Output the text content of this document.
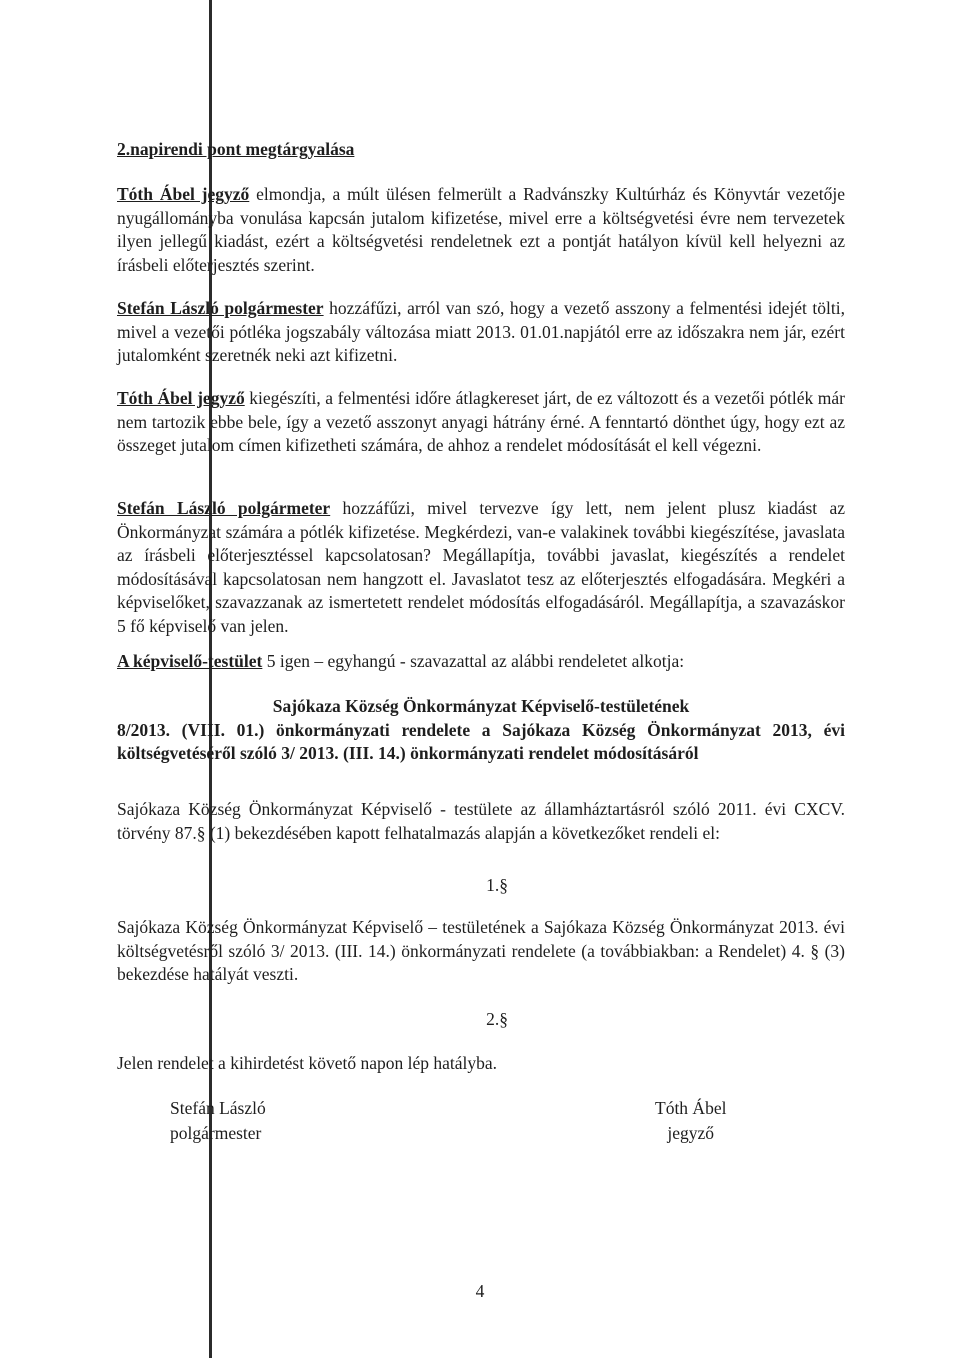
2.napirendi pont megtárgyalása

Tóth Ábel jegyző elmondja, a múlt ülésen felmerült a Radvánszky Kultúrház és Könyvtár vezetője nyugállományba vonulása kapcsán jutalom kifizetése, mivel erre a költségvetési évre nem tervezetek ilyen jellegű kiadást, ezért a költségvetési rendeletnek ezt a pontját hatályon kívül kell helyezni az írásbeli előterjesztés szerint.

Stefán László polgármester hozzáfűzi, arról van szó, hogy a vezető asszony a felmentési idejét tölti, mivel a vezetői pótléka jogszabály változása miatt 2013. 01.01.napjától erre az időszakra nem jár, ezért jutalomként szeretnék neki azt kifizetni.

Tóth Ábel jegyző kiegészíti, a felmentési időre átlagkereset járt, de ez változott és a vezetői pótlék már nem tartozik ebbe bele, így a vezető asszonyt anyagi hátrány érné. A fenntartó dönthet úgy, hogy ezt az összeget jutalom címen kifizetheti számára, de ahhoz a rendelet módosítását el kell végezni.

Stefán László polgármeter hozzáfűzi, mivel tervezve így lett, nem jelent plusz kiadást az Önkormányzat számára a pótlék kifizetése. Megkérdezi, van-e valakinek további kiegészítése, javaslata az írásbeli előterjesztéssel kapcsolatosan? Megállapítja, további javaslat, kiegészítés a rendelet módosításával kapcsolatosan nem hangzott el. Javaslatot tesz az előterjesztés elfogadására. Megkéri a képviselőket, szavazzanak az ismertetett rendelet módosítás elfogadásáról. Megállapítja, a szavazáskor 5 fő képviselő van jelen.

A képviselő-testület 5 igen – egyhangú - szavazattal az alábbi rendeletet alkotja:

Sajókaza Község Önkormányzat Képviselő-testületének
8/2013. (VIII. 01.) önkormányzati rendelete a Sajókaza Község Önkormányzat 2013, évi költségvetéséről szóló 3/ 2013. (III. 14.) önkormányzati rendelet módosításáról

Sajókaza Község Önkormányzat Képviselő - testülete az államháztartásról szóló 2011. évi CXCV. törvény 87.§ (1) bekezdésében kapott felhatalmazás alapján a következőket rendeli el:

1.§

Sajókaza Község Önkormányzat Képviselő – testületének a Sajókaza Község Önkormányzat 2013. évi költségvetésről szóló 3/ 2013. (III. 14.) önkormányzati rendelete (a továbbiakban: a Rendelet) 4. § (3) bekezdése hatályát veszti.

2.§

Jelen rendelet a kihirdetést követő napon lép hatályba.

Stefán László
polgármester
Tóth Ábel
jegyző

4
